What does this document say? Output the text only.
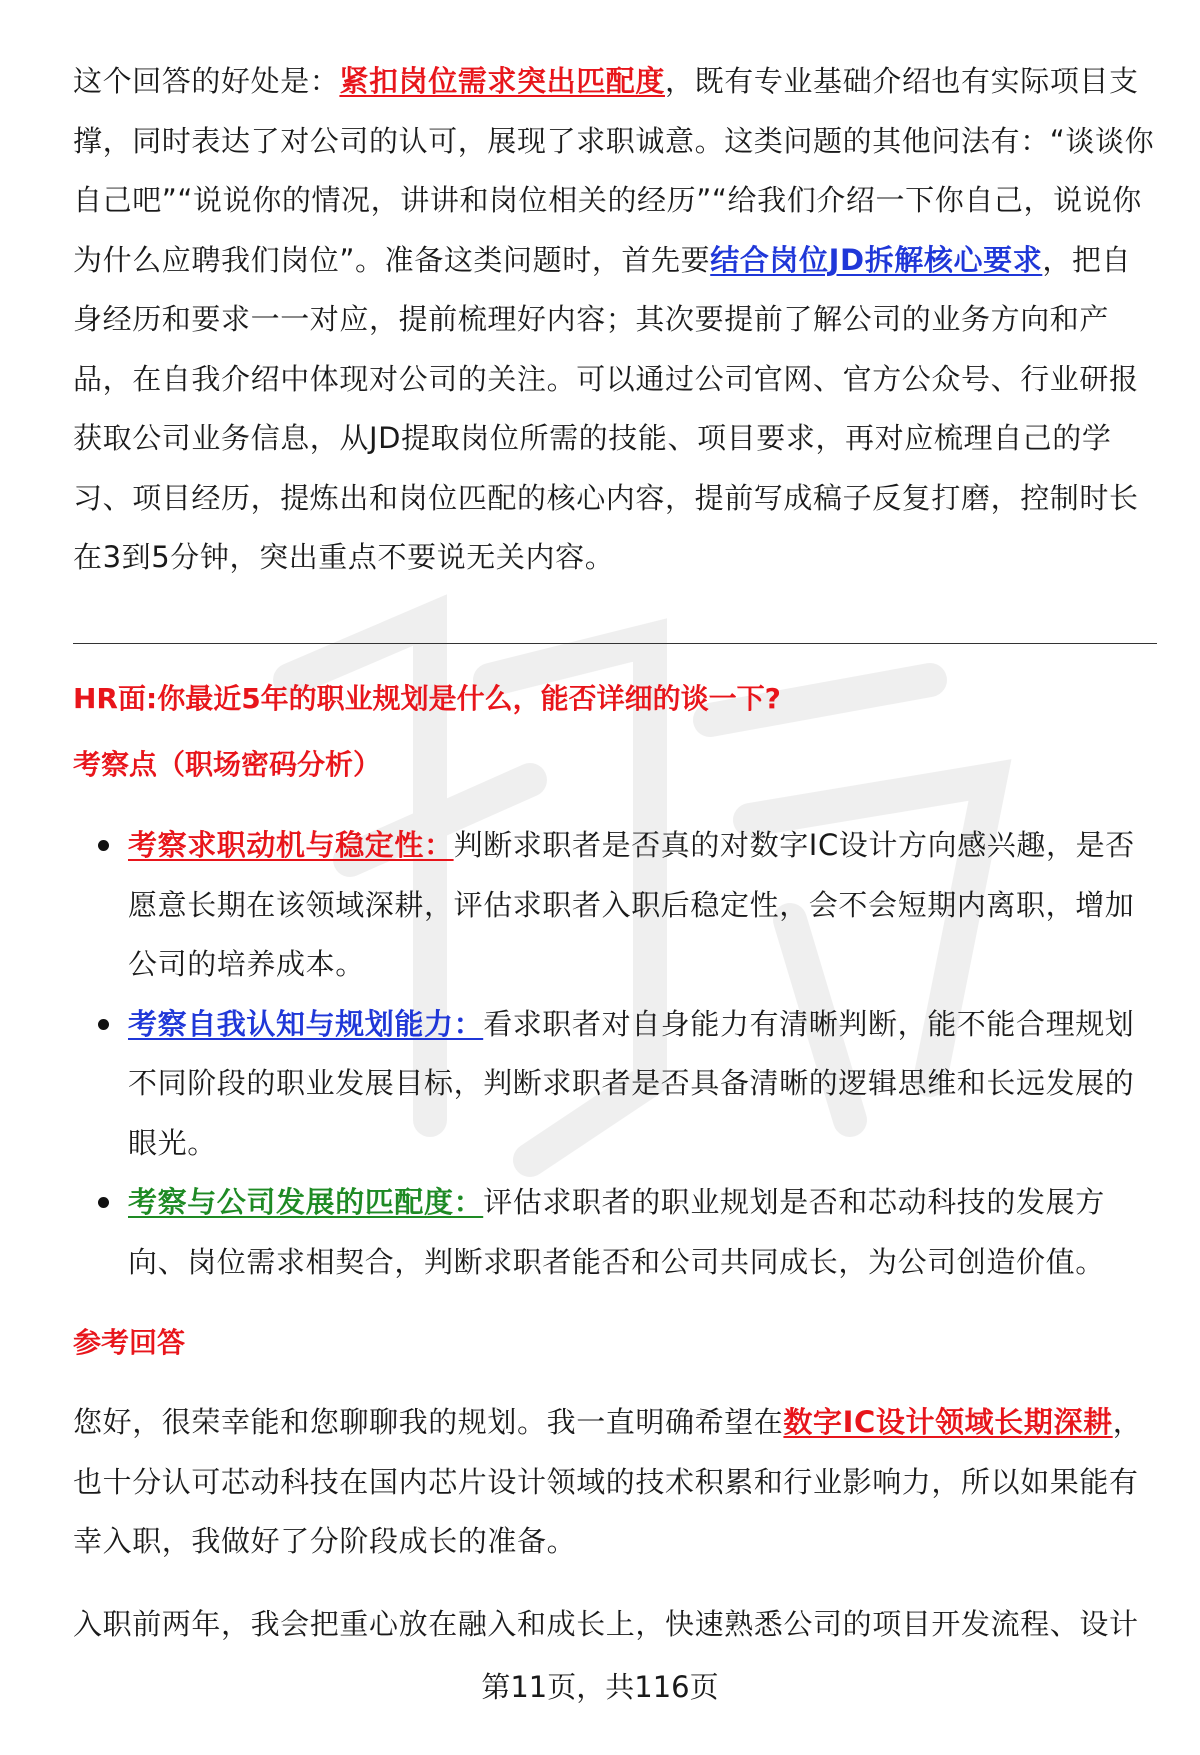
这个回答的好处是：紧扣岗位需求突出匹配度，既有专业基础介绍也有实际项目支撑，同时表达了对公司的认可，展现了求职诚意。这类问题的其他问法有：“谈谈你自己吧”“说说你的情况，讲讲和岗位相关的经历”“给我们介绍一下你自己，说说你为什么应聘我们岗位”。准备这类问题时，首先要结合岗位JD拆解核心要求，把自身经历和要求一一对应，提前梳理好内容；其次要提前了解公司的业务方向和产品，在自我介绍中体现对公司的关注。可以通过公司官网、官方公众号、行业研报获取公司业务信息，从JD提取岗位所需的技能、项目要求，再对应梳理自己的学习、项目经历，提炼出和岗位匹配的核心内容，提前写成稿子反复打磨，控制时长在3到5分钟，突出重点不要说无关内容。

HR面:你最近5年的职业规划是什么，能否详细的谈一下?
考察点（职场密码分析）
考察求职动机与稳定性：判断求职者是否真的对数字IC设计方向感兴趣，是否愿意长期在该领域深耕，评估求职者入职后稳定性，会不会短期内离职，增加公司的培养成本。
考察自我认知与规划能力：看求职者对自身能力有清晰判断，能不能合理规划不同阶段的职业发展目标，判断求职者是否具备清晰的逻辑思维和长远发展的眼光。
考察与公司发展的匹配度：评估求职者的职业规划是否和芯动科技的发展方向、岗位需求相契合，判断求职者能否和公司共同成长，为公司创造价值。
参考回答

您好，很荣幸能和您聊聊我的规划。我一直明确希望在数字IC设计领域长期深耕，也十分认可芯动科技在国内芯片设计领域的技术积累和行业影响力，所以如果能有幸入职，我做好了分阶段成长的准备。

入职前两年，我会把重心放在融入和成长上，快速熟悉公司的项目开发流程、设计

第11页，共116页
